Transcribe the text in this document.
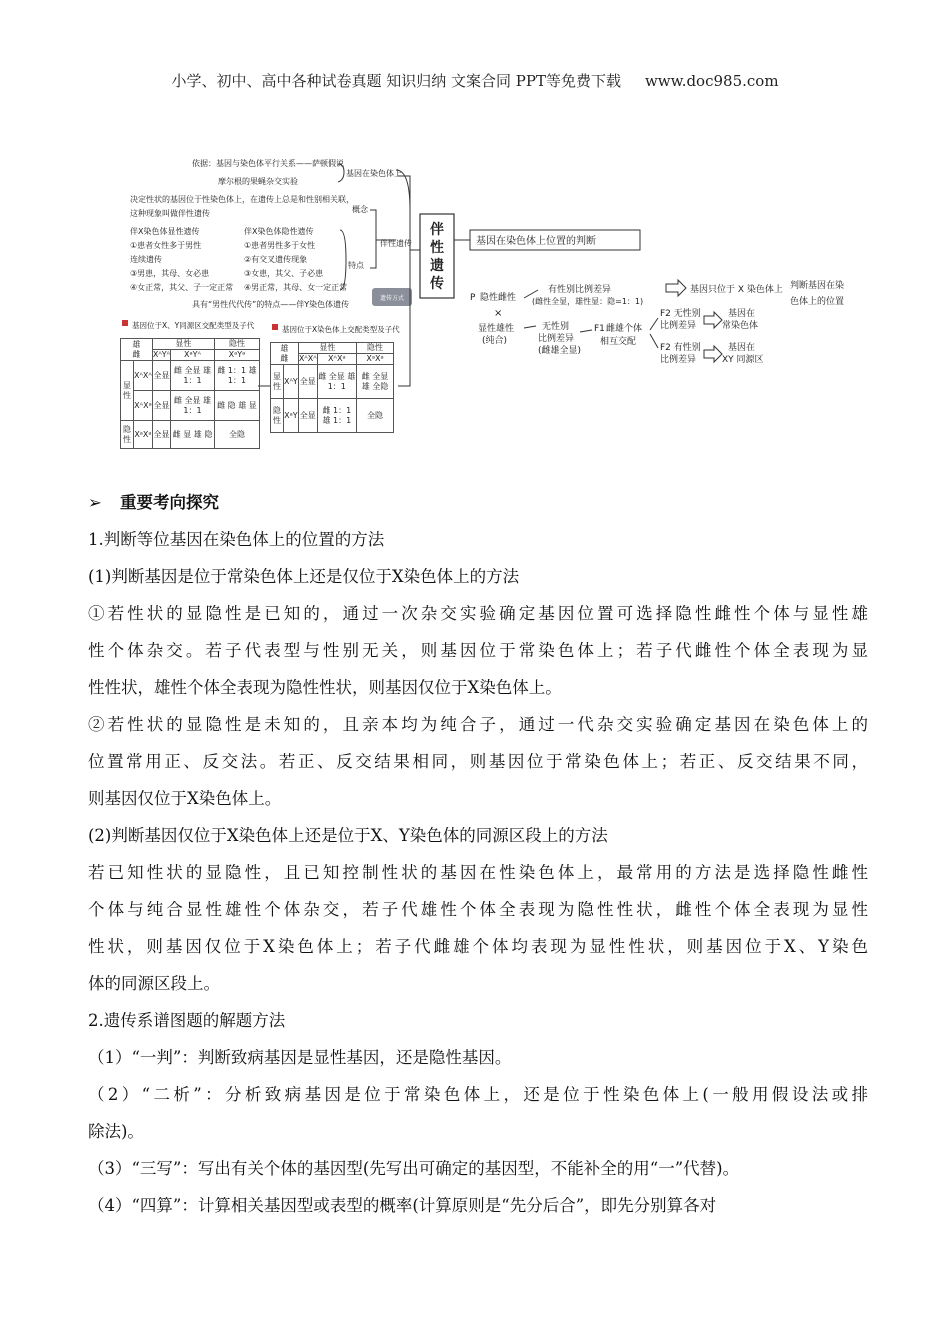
小学、初中、高中各种试卷真题 知识归纳 文案合同 PPT等免费下载 www.doc985.com
依据：基因与染色体平行关系——萨顿假说
摩尔根的果蝇杂交实验
基因在染色体上
决定性状的基因位于性染色体上，在遗传上总是和性别相关联，
这种现象叫做伴性遗传	概念
伴X染色体显性遗传
①患者女性多于男性
连续遗传
③男患，其母、女必患
④女正常，其父、子一定正常
伴X染色体隐性遗传
①患者男性多于女性
②有交叉遗传现象
③女患，其父、子必患
④男正常，其母、女一定正常
具有“男性代代传”的特点——伴Y染色体遗传
特点
伴性遗传
遗传方式
伴
性
遗
传
基因在染色体上位置的判断
基因位于X、Y同源区交配类型及子代	基因位于X染色体上交配类型及子代
P 隐性雌性
×
显性雄性
(纯合)
有性别比例差异
(雌性全显，雄性显：隐=1：1)
基因只位于 X 染色体上 判断基因在染
色体上的位置
无性别
比例差异
(雌雄全显)
F1 雌雄个体
相互交配
F2 无性别
比例差异
基因在
常染色体
F2 有性别
比例差异
基因在
XY 同源区
雄
雌		显性		隐性
		XᴬYᴬ	XᵃYᴬ	XᵃYᵃ
显性	XᴬXᴬ	全显	雌 全显 雄 1：1	雌 1：1 雄 1：1
	XᴬXᵃ	全显	雌 全显 雄 1：1	雌 隐 雄 显
隐性	XᵃXᵃ	全显	雌 显 雄 隐	全隐
雄
雌		显性		隐性
		XᴬXᴬ	XᴬXᵃ	XᵃXᵃ
显性	XᴬY	全显	雌 全显 雄 1：1	雌 全显 雄 全隐
隐性	XᵃY	全显	雌 1：1 雄 1：1	全隐

➢ 重要考向探究

1.判断等位基因在染色体上的位置的方法

(1)判断基因是位于常染色体上还是仅位于X染色体上的方法

①若性状的显隐性是已知的，通过一次杂交实验确定基因位置可选择隐性雌性个体与显性雄

性个体杂交。若子代表型与性别无关，则基因位于常染色体上；若子代雌性个体全表现为显

性性状，雄性个体全表现为隐性性状，则基因仅位于X染色体上。

②若性状的显隐性是未知的，且亲本均为纯合子，通过一代杂交实验确定基因在染色体上的

位置常用正、反交法。若正、反交结果相同，则基因位于常染色体上；若正、反交结果不同，

则基因仅位于X染色体上。

(2)判断基因仅位于X染色体上还是位于X、Y染色体的同源区段上的方法

若已知性状的显隐性，且已知控制性状的基因在性染色体上，最常用的方法是选择隐性雌性

个体与纯合显性雄性个体杂交，若子代雄性个体全表现为隐性性状，雌性个体全表现为显性

性状，则基因仅位于X染色体上；若子代雌雄个体均表现为显性性状，则基因位于X、Y染色

体的同源区段上。

2.遗传系谱图题的解题方法

（1）“一判”：判断致病基因是显性基因，还是隐性基因。

（2）“二析”：分析致病基因是位于常染色体上，还是位于性染色体上(一般用假设法或排

除法)。

（3）“三写”：写出有关个体的基因型(先写出可确定的基因型，不能补全的用“一”代替)。

（4）“四算”：计算相关基因型或表型的概率(计算原则是“先分后合”，即先分别算各对
